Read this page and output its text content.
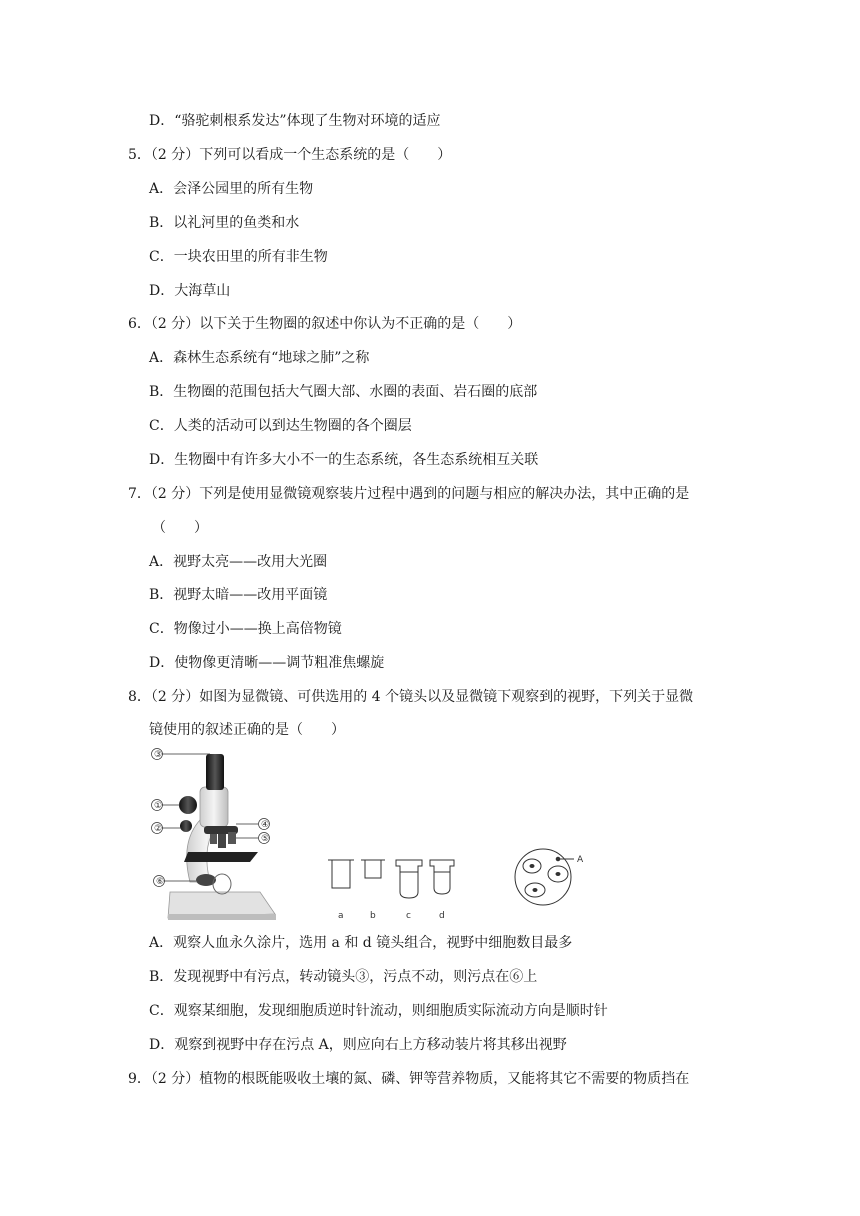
D．“骆驼刺根系发达”体现了生物对环境的适应
5．（2 分）下列可以看成一个生态系统的是（　　）
A．会泽公园里的所有生物
B．以礼河里的鱼类和水
C．一块农田里的所有非生物
D．大海草山
6．（2 分）以下关于生物圈的叙述中你认为不正确的是（　　）
A．森林生态系统有“地球之肺”之称
B．生物圈的范围包括大气圈大部、水圈的表面、岩石圈的底部
C．人类的活动可以到达生物圈的各个圈层
D．生物圈中有许多大小不一的生态系统，各生态系统相互关联
7．（2 分）下列是使用显微镜观察装片过程中遇到的问题与相应的解决办法，其中正确的是
（　　）
A．视野太亮——改用大光圈
B．视野太暗——改用平面镜
C．物像过小——换上高倍物镜
D．使物像更清晰——调节粗准焦螺旋
8．（2 分）如图为显微镜、可供选用的 4 个镜头以及显微镜下观察到的视野，下列关于显微
镜使用的叙述正确的是（　　）
③
①
②	④
⑤
⑥
a	b	c	d
A
A．观察人血永久涂片，选用 a 和 d 镜头组合，视野中细胞数目最多
B．发现视野中有污点，转动镜头③，污点不动，则污点在⑥上
C．观察某细胞，发现细胞质逆时针流动，则细胞质实际流动方向是顺时针
D．观察到视野中存在污点 A，则应向右上方移动装片将其移出视野
9．（2 分）植物的根既能吸收土壤的氮、磷、钾等营养物质，又能将其它不需要的物质挡在
